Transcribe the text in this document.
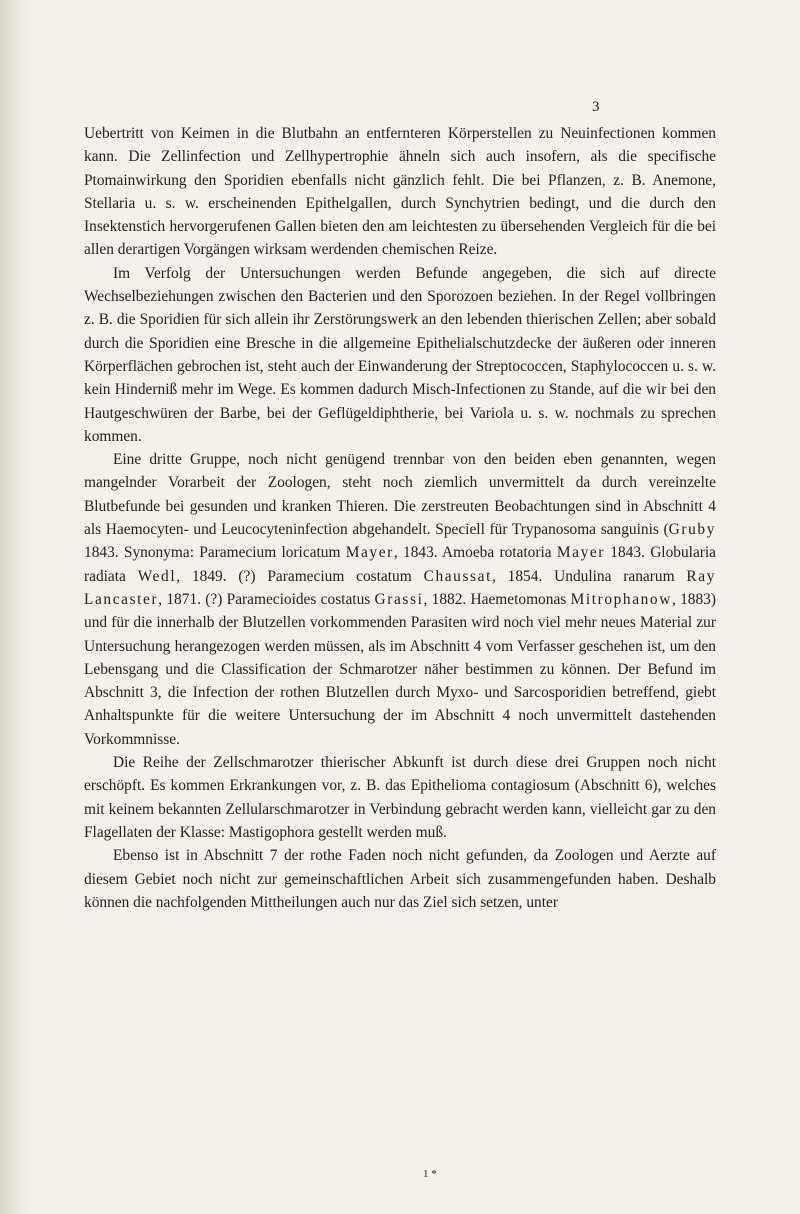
3

Uebertritt von Keimen in die Blutbahn an entfernteren Körperstellen zu Neuinfectionen kommen kann. Die Zellinfection und Zellhypertrophie ähneln sich auch insofern, als die specifische Ptomainwirkung den Sporidien ebenfalls nicht gänzlich fehlt. Die bei Pflanzen, z. B. Anemone, Stellaria u. s. w. erscheinenden Epithelgallen, durch Synchytrien bedingt, und die durch den Insektenstich hervorgerufenen Gallen bieten den am leichtesten zu übersehenden Vergleich für die bei allen derartigen Vorgängen wirksam werdenden chemischen Reize.

Im Verfolg der Untersuchungen werden Befunde angegeben, die sich auf directe Wechselbeziehungen zwischen den Bacterien und den Sporozoen beziehen. In der Regel vollbringen z. B. die Sporidien für sich allein ihr Zerstörungswerk an den lebenden thierischen Zellen; aber sobald durch die Sporidien eine Bresche in die allgemeine Epithelialschutzdecke der äußeren oder inneren Körperflächen gebrochen ist, steht auch der Einwanderung der Streptococcen, Staphylococcen u. s. w. kein Hinderniß mehr im Wege. Es kommen dadurch Misch-Infectionen zu Stande, auf die wir bei den Hautgeschwüren der Barbe, bei der Geflügeldiphtherie, bei Variola u. s. w. nochmals zu sprechen kommen.

Eine dritte Gruppe, noch nicht genügend trennbar von den beiden eben genannten, wegen mangelnder Vorarbeit der Zoologen, steht noch ziemlich unvermittelt da durch vereinzelte Blutbefunde bei gesunden und kranken Thieren. Die zerstreuten Beobachtungen sind in Abschnitt 4 als Haemocyten- und Leucocyteninfection abgehandelt. Speciell für Trypanosoma sanguinis (Gruby 1843. Synonyma: Paramecium loricatum Mayer, 1843. Amoeba rotatoria Mayer 1843. Globularia radiata Wedl, 1849. (?) Paramecium costatum Chaussat, 1854. Undulina ranarum Ray Lancaster, 1871. (?) Paramecioides costatus Grassi, 1882. Haemetomonas Mitrophanow, 1883) und für die innerhalb der Blutzellen vorkommenden Parasiten wird noch viel mehr neues Material zur Untersuchung herangezogen werden müssen, als im Abschnitt 4 vom Verfasser geschehen ist, um den Lebensgang und die Classification der Schmarotzer näher bestimmen zu können. Der Befund im Abschnitt 3, die Infection der rothen Blutzellen durch Myxo- und Sarcosporidien betreffend, giebt Anhaltspunkte für die weitere Untersuchung der im Abschnitt 4 noch unvermittelt dastehenden Vorkommnisse.

Die Reihe der Zellschmarotzer thierischer Abkunft ist durch diese drei Gruppen noch nicht erschöpft. Es kommen Erkrankungen vor, z. B. das Epithelioma contagiosum (Abschnitt 6), welches mit keinem bekannten Zellularschmarotzer in Verbindung gebracht werden kann, vielleicht gar zu den Flagellaten der Klasse: Mastigophora gestellt werden muß.

Ebenso ist in Abschnitt 7 der rothe Faden noch nicht gefunden, da Zoologen und Aerzte auf diesem Gebiet noch nicht zur gemeinschaftlichen Arbeit sich zusammengefunden haben. Deshalb können die nachfolgenden Mittheilungen auch nur das Ziel sich setzen, unter

1 *
